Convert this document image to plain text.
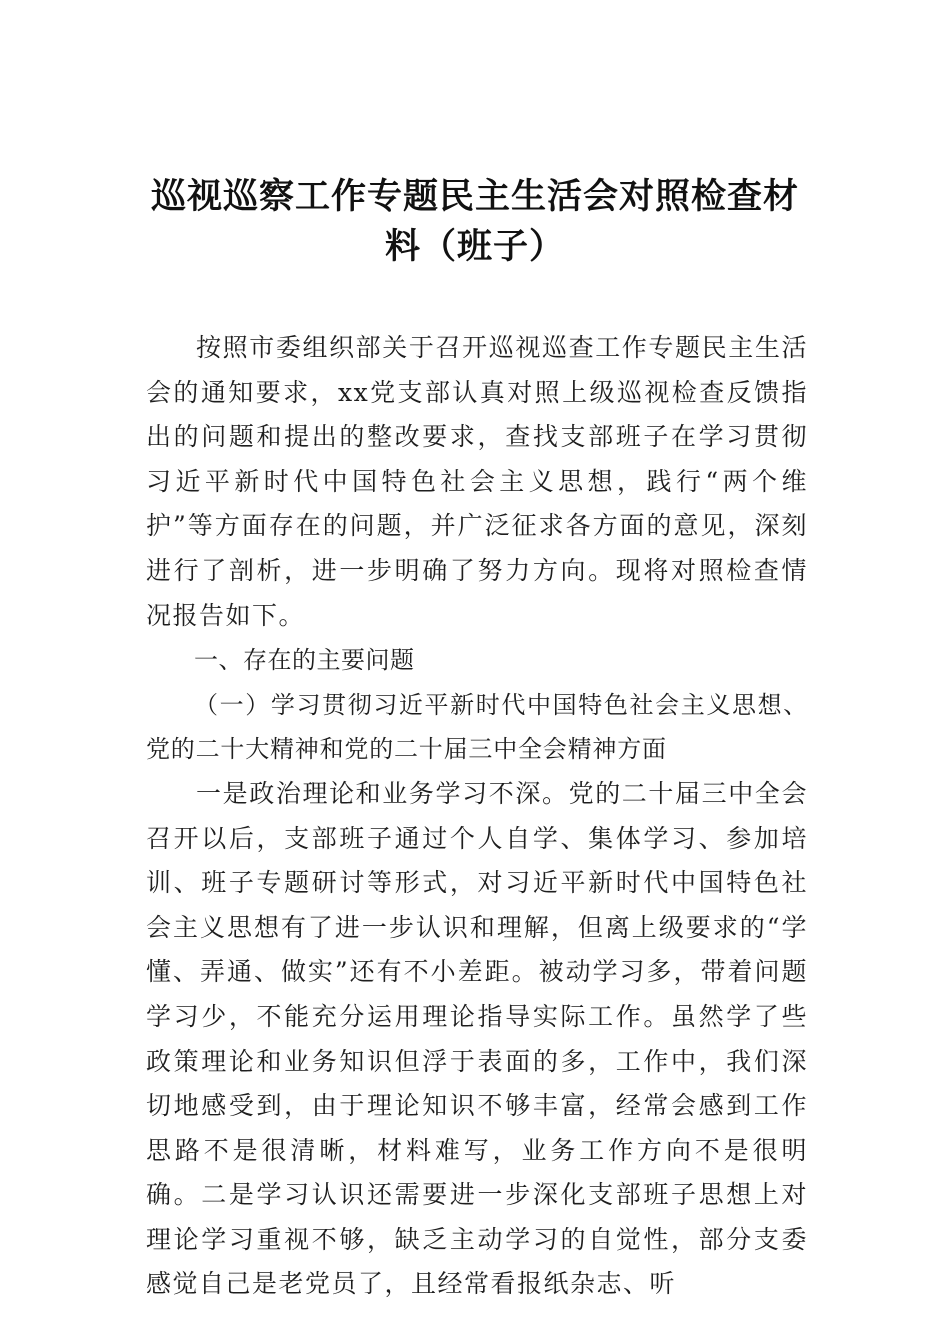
巡视巡察工作专题民主生活会对照检查材料（班子）

按照市委组织部关于召开巡视巡查工作专题民主生活会的通知要求，xx党支部认真对照上级巡视检查反馈指出的问题和提出的整改要求，查找支部班子在学习贯彻习近平新时代中国特色社会主义思想，践行“两个维护”等方面存在的问题，并广泛征求各方面的意见，深刻进行了剖析，进一步明确了努力方向。现将对照检查情况报告如下。

一、存在的主要问题

（一）学习贯彻习近平新时代中国特色社会主义思想、党的二十大精神和党的二十届三中全会精神方面

一是政治理论和业务学习不深。党的二十届三中全会召开以后，支部班子通过个人自学、集体学习、参加培训、班子专题研讨等形式，对习近平新时代中国特色社会主义思想有了进一步认识和理解，但离上级要求的“学懂、弄通、做实”还有不小差距。被动学习多，带着问题学习少，不能充分运用理论指导实际工作。虽然学了些政策理论和业务知识但浮于表面的多，工作中，我们深切地感受到，由于理论知识不够丰富，经常会感到工作思路不是很清晰，材料难写，业务工作方向不是很明确。二是学习认识还需要进一步深化支部班子思想上对理论学习重视不够，缺乏主动学习的自觉性，部分支委感觉自己是老党员了，且经常看报纸杂志、听
